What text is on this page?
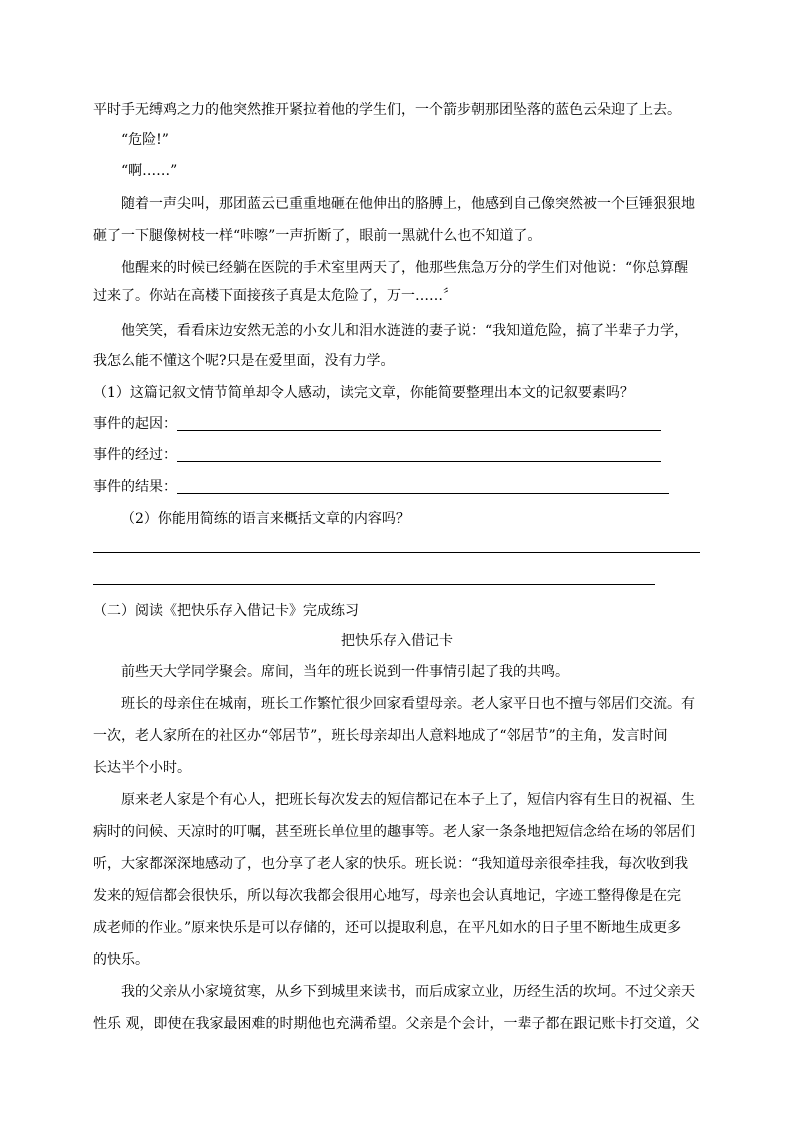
平时手无缚鸡之力的他突然推开紧拉着他的学生们，一个箭步朝那团坠落的蓝色云朵迎了上去。
“危险!”
“啊……”
随着一声尖叫，那团蓝云已重重地砸在他伸出的胳膊上，他感到自己像突然被一个巨锤狠狠地
砸了一下腿像树枝一样“咔嚓”一声折断了，眼前一黑就什么也不知道了。
他醒来的时候已经躺在医院的手术室里两天了，他那些焦急万分的学生们对他说：“你总算醒
过来了。你站在高楼下面接孩子真是太危险了，万一……〞
他笑笑，看看床边安然无恙的小女儿和泪水涟涟的妻子说：“我知道危险，搞了半辈子力学，
我怎么能不懂这个呢?只是在爱里面，没有力学。
（1）这篇记叙文情节简单却令人感动，读完文章，你能简要整理出本文的记叙要素吗？
事件的起因：
事件的经过：
事件的结果：
（2）你能用简练的语言来概括文章的内容吗？
（二）阅读《把快乐存入借记卡》完成练习
把快乐存入借记卡
前些天大学同学聚会。席间，当年的班长说到一件事情引起了我的共鸣。
班长的母亲住在城南，班长工作繁忙很少回家看望母亲。老人家平日也不擅与邻居们交流。有
一次，老人家所在的社区办“邻居节”，班长母亲却出人意料地成了“邻居节”的主角，发言时间
长达半个小时。
原来老人家是个有心人，把班长每次发去的短信都记在本子上了，短信内容有生日的祝福、生
病时的问候、天凉时的叮嘱，甚至班长单位里的趣事等。老人家一条条地把短信念给在场的邻居们
听，大家都深深地感动了，也分享了老人家的快乐。班长说：“我知道母亲很牵挂我，每次收到我
发来的短信都会很快乐，所以每次我都会很用心地写，母亲也会认真地记，字迹工整得像是在完
成老师的作业。”原来快乐是可以存储的，还可以提取利息，在平凡如水的日子里不断地生成更多
的快乐。
我的父亲从小家境贫寒，从乡下到城里来读书，而后成家立业，历经生活的坎坷。不过父亲天
性乐 观，即使在我家最困难的时期他也充满希望。父亲是个会计，一辈子都在跟记账卡打交道，父
